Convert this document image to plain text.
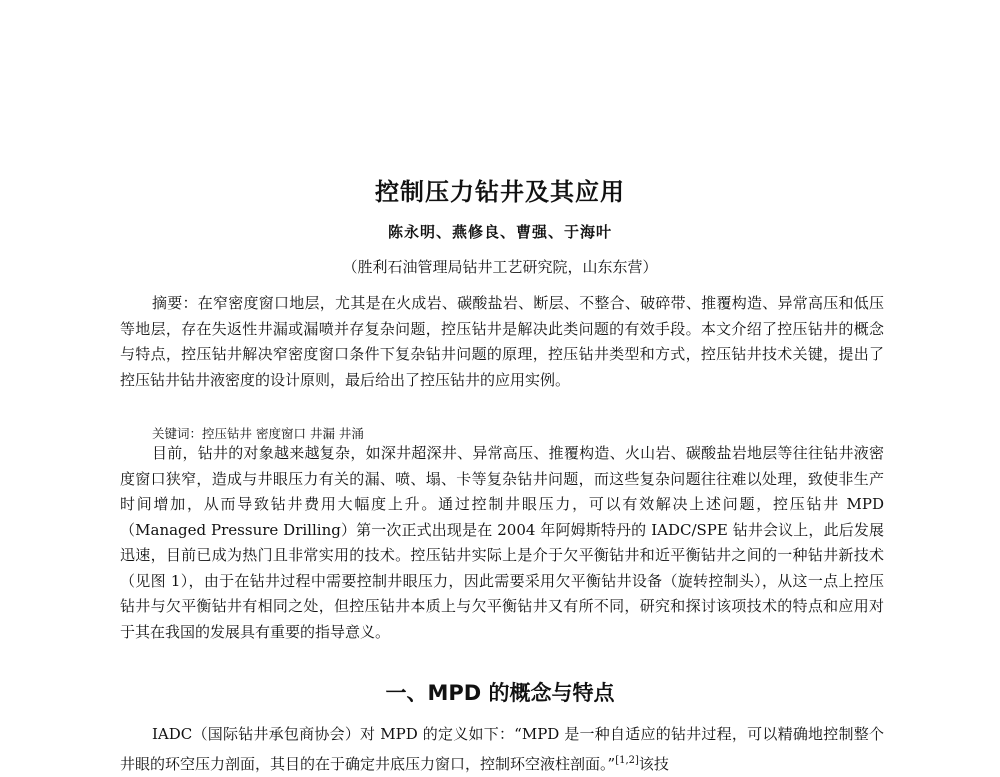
控制压力钻井及其应用
陈永明、燕修良、曹强、于海叶
（胜利石油管理局钻井工艺研究院，山东东营）

摘要：在窄密度窗口地层，尤其是在火成岩、碳酸盐岩、断层、不整合、破碎带、推覆构造、异常高压和低压等地层，存在失返性井漏或漏喷并存复杂问题，控压钻井是解决此类问题的有效手段。本文介绍了控压钻井的概念与特点，控压钻井解决窄密度窗口条件下复杂钻井问题的原理，控压钻井类型和方式，控压钻井技术关键，提出了控压钻井钻井液密度的设计原则，最后给出了控压钻井的应用实例。

关键词：控压钻井 密度窗口 井漏 井涌

目前，钻井的对象越来越复杂，如深井超深井、异常高压、推覆构造、火山岩、碳酸盐岩地层等往往钻井液密度窗口狭窄，造成与井眼压力有关的漏、喷、塌、卡等复杂钻井问题，而这些复杂问题往往难以处理，致使非生产时间增加，从而导致钻井费用大幅度上升。通过控制井眼压力，可以有效解决上述问题，控压钻井 MPD（Managed Pressure Drilling）第一次正式出现是在 2004 年阿姆斯特丹的 IADC/SPE 钻井会议上，此后发展迅速，目前已成为热门且非常实用的技术。控压钻井实际上是介于欠平衡钻井和近平衡钻井之间的一种钻井新技术（见图 1），由于在钻井过程中需要控制井眼压力，因此需要采用欠平衡钻井设备（旋转控制头），从这一点上控压钻井与欠平衡钻井有相同之处，但控压钻井本质上与欠平衡钻井又有所不同，研究和探讨该项技术的特点和应用对于其在我国的发展具有重要的指导意义。

一、MPD 的概念与特点

IADC（国际钻井承包商协会）对 MPD 的定义如下：“MPD 是一种自适应的钻井过程，可以精确地控制整个井眼的环空压力剖面，其目的在于确定井底压力窗口，控制环空液柱剖面。”[1,2]该技
